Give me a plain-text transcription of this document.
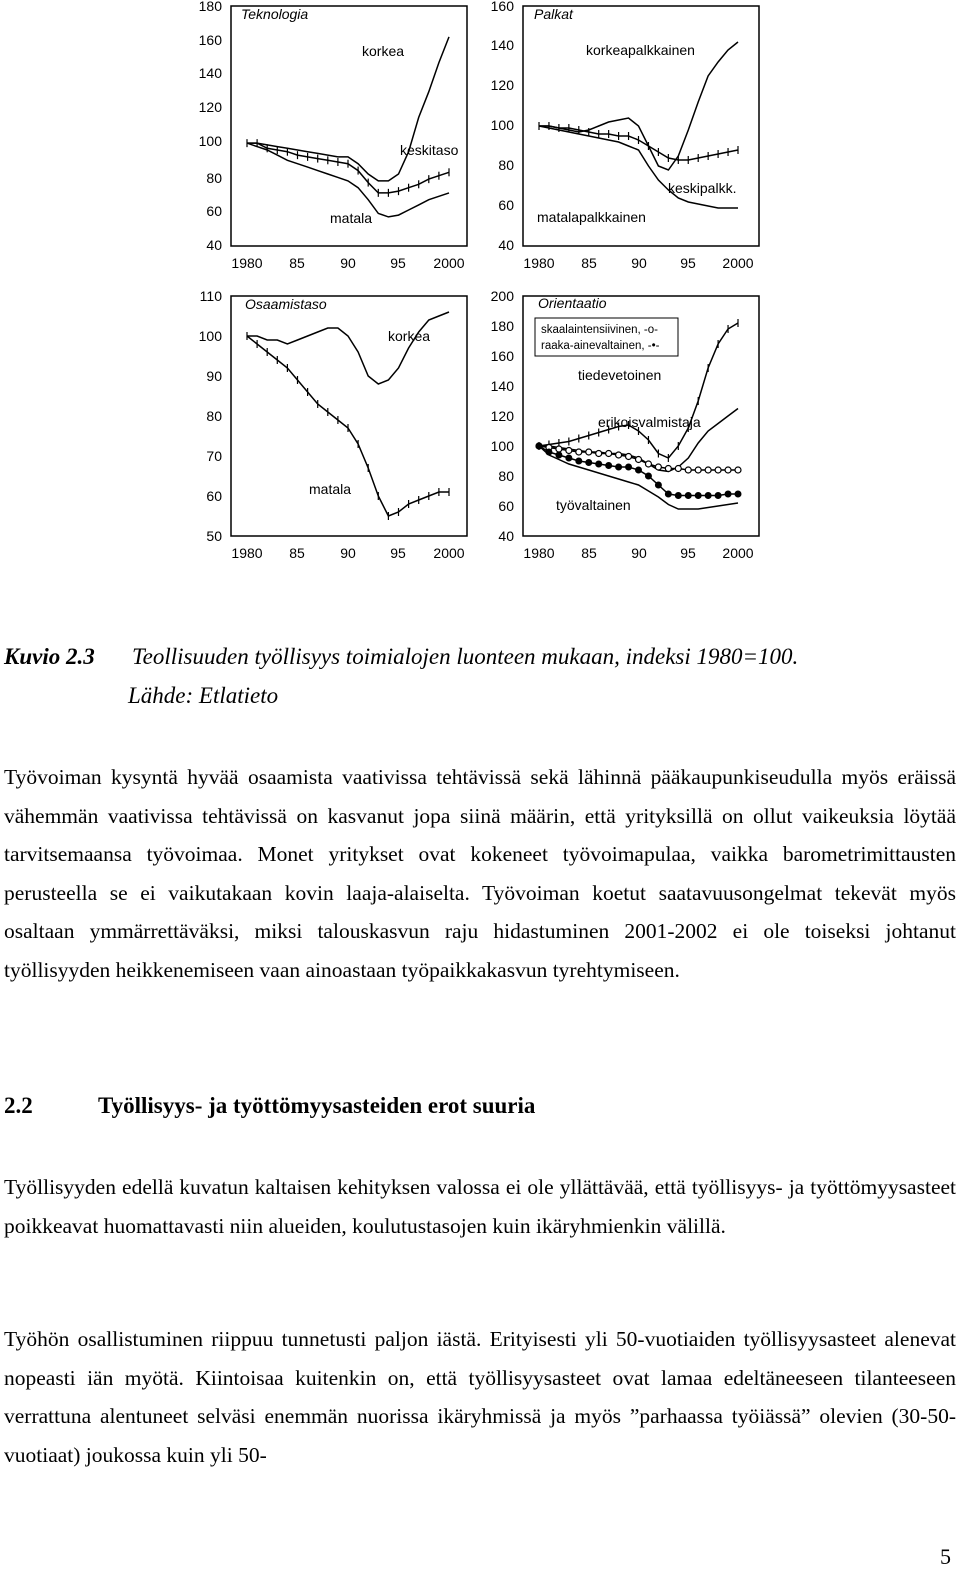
Teknologia
180
160
140
120
100
80
60
40
1980 85	90 95 2000
korkea
keskitaso
matala
Palkat
160
140
120
100
80
60
40
1980 85 90 95 2000
korkeapalkkainen
keskipalkk.
matalapalkkainen
Osaamistaso
110
100
90
80
70
60
50
1980 85	90 95 2000
korkea
matala
Orientaatio
200
180
160
140
120
100
80
60
40
1980 85 90 95 2000
skaalaintensiivinen, -o-
raaka-ainevaltainen, -•-
tiedevetoinen
erikoisvalmistaja
työvaltainen
Kuvio 2.3 Teollisuuden työllisyys toimialojen luonteen mukaan, indeksi 1980=100.
Lähde: Etlatieto

Työvoiman kysyntä hyvää osaamista vaativissa tehtävissä sekä lähinnä pääkaupunkiseudulla myös eräissä vähemmän vaativissa tehtävissä on kasvanut jopa siinä määrin, että yrityksillä on ollut vaikeuksia löytää tarvitsemaansa työvoimaa. Monet yritykset ovat kokeneet työvoimapulaa, vaikka barometrimittausten perusteella se ei vaikutakaan kovin laaja-alaiselta. Työvoiman koetut saatavuusongelmat tekevät myös osaltaan ymmärrettäväksi, miksi talouskasvun raju hidastuminen 2001-2002 ei ole toiseksi johtanut työllisyyden heikkenemiseen vaan ainoastaan työpaikkakasvun tyrehtymiseen.

2.2	Työllisyys- ja työttömyysasteiden erot suuria

Työllisyyden edellä kuvatun kaltaisen kehityksen valossa ei ole yllättävää, että työllisyys- ja työttömyysasteet poikkeavat huomattavasti niin alueiden, koulutustasojen kuin ikäryhmienkin välillä.

Työhön osallistuminen riippuu tunnetusti paljon iästä. Erityisesti yli 50-vuotiaiden työllisyysasteet alenevat nopeasti iän myötä. Kiintoisaa kuitenkin on, että työllisyysasteet ovat lamaa edeltäneeseen tilanteeseen verrattuna alentuneet selväsi enemmän nuorissa ikäryhmissä ja myös ”parhaassa työiässä” olevien (30-50-vuotiaat) joukossa kuin yli 50-

5
